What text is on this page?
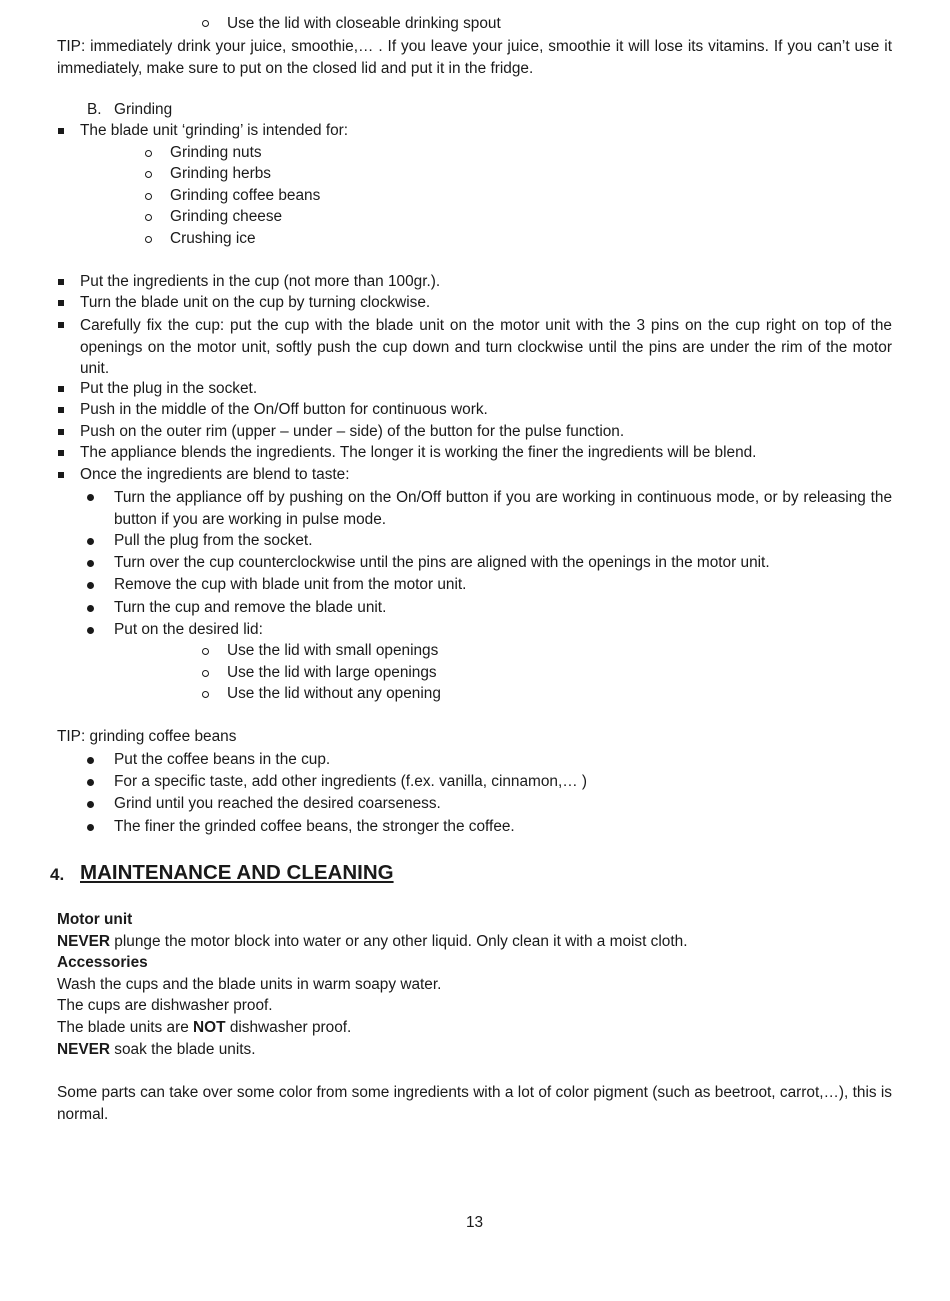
Use the lid with closeable drinking spout
TIP: immediately drink your juice, smoothie,… . If you leave your juice, smoothie it will lose its vitamins. If you can’t use it immediately, make sure to put on the closed lid and put it in the fridge.
B. Grinding
The blade unit ‘grinding’ is intended for:
Grinding nuts
Grinding herbs
Grinding coffee beans
Grinding cheese
Crushing ice
Put the ingredients in the cup (not more than 100gr.).
Turn the blade unit on the cup by turning clockwise.
Carefully fix the cup: put the cup with the blade unit on the motor unit with the 3 pins on the cup right on top of the openings on the motor unit, softly push the cup down and turn clockwise until the pins are under the rim of the motor unit.
Put the plug in the socket.
Push in the middle of the On/Off button for continuous work.
Push on the outer rim (upper – under – side) of the button for the pulse function.
The appliance blends the ingredients. The longer it is working the finer the ingredients will be blend.
Once the ingredients are blend to taste:
Turn the appliance off by pushing on the On/Off button if you are working in continuous mode, or by releasing the button if you are working in pulse mode.
Pull the plug from the socket.
Turn over the cup counterclockwise until the pins are aligned with the openings in the motor unit.
Remove the cup with blade unit from the motor unit.
Turn the cup and remove the blade unit.
Put on the desired lid:
Use the lid with small openings
Use the lid with large openings
Use the lid without any opening
TIP: grinding coffee beans
Put the coffee beans in the cup.
For a specific taste, add other ingredients (f.ex. vanilla, cinnamon,… )
Grind until you reached the desired coarseness.
The finer the grinded coffee beans, the stronger the coffee.
4. MAINTENANCE AND CLEANING
Motor unit
NEVER plunge the motor block into water or any other liquid. Only clean it with a moist cloth.
Accessories
Wash the cups and the blade units in warm soapy water.
The cups are dishwasher proof.
The blade units are NOT dishwasher proof.
NEVER soak the blade units.
Some parts can take over some color from some ingredients with a lot of color pigment (such as beetroot, carrot,…), this is normal.
13
